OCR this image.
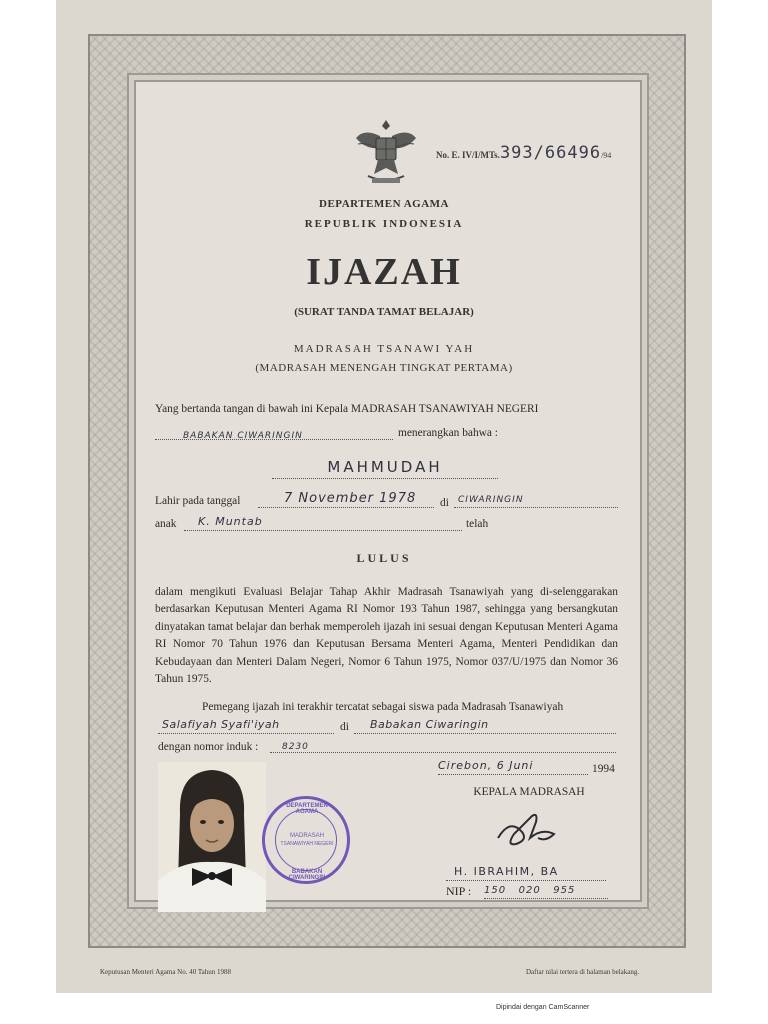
No. E. IV/I/MTs.393/66496/94
DEPARTEMEN AGAMA
REPUBLIK INDONESIA
IJAZAH
(SURAT TANDA TAMAT BELAJAR)
MADRASAH TSANAWI YAH
(MADRASAH MENENGAH TINGKAT PERTAMA)
Yang bertanda tangan di bawah ini Kepala MADRASAH TSANAWIYAH NEGERI
BABAKAN CIWARINGIN	menerangkan bahwa :
MAHMUDAH
Lahir pada tanggal	7 November 1978	di	CIWARINGIN
anak	K. Muntab	telah
LULUS
dalam mengikuti Evaluasi Belajar Tahap Akhir Madrasah Tsanawiyah yang di-selenggarakan berdasarkan Keputusan Menteri Agama RI Nomor 193 Tahun 1987, sehingga yang bersangkutan dinyatakan tamat belajar dan berhak memperoleh ijazah ini sesuai dengan Keputusan Menteri Agama RI Nomor 70 Tahun 1976 dan Keputusan Bersama Menteri Agama, Menteri Pendidikan dan Kebudayaan dan Menteri Dalam Negeri, Nomor 6 Tahun 1975, Nomor 037/U/1975 dan Nomor 36 Tahun 1975.
Pemegang ijazah ini terakhir tercatat sebagai siswa pada Madrasah Tsanawiyah
Salafiyah Syafi'iyah	di	Babakan Ciwaringin
dengan nomor induk :	8230
Cirebon, 6 Juni	1994
KEPALA MADRASAH
H. IBRAHIM, BA
NIP : 150   020   955
DEPARTEMEN AGAMA
MADRASAH
TSANAWIYAH NEGERI
BABAKAN CIWARINGIN
Keputusan Menteri Agama No. 40 Tahun 1988	Daftar nilai tertera di halaman belakang.
Dipindai dengan CamScanner
